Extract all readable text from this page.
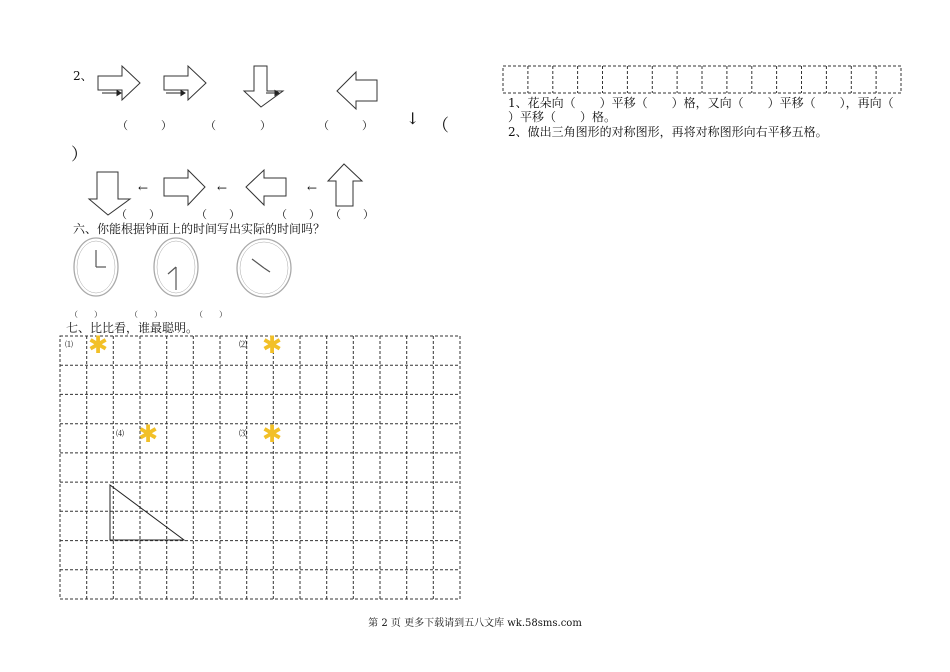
2、
（　　　）	（　　　　）	（　　　） ↓ （
）
←	←	←
（　　）	（　　）	（　　） （　　）
六、你能根据钟面上的时间写出实际的时间吗？
（　　）	（　　）	（　　）
七、比比看，谁最聪明。
⑴	⑵
⑷	⑶
✱	✱
✱	✱
1、花朵向（　　）平移（　　）格，又向（　　）平移（　　），再向（
）平移（　　）格。
2、做出三角图形的对称图形，再将对称图形向右平移五格。
第 2 页 更多下载请到五八文库 wk.58sms.com
